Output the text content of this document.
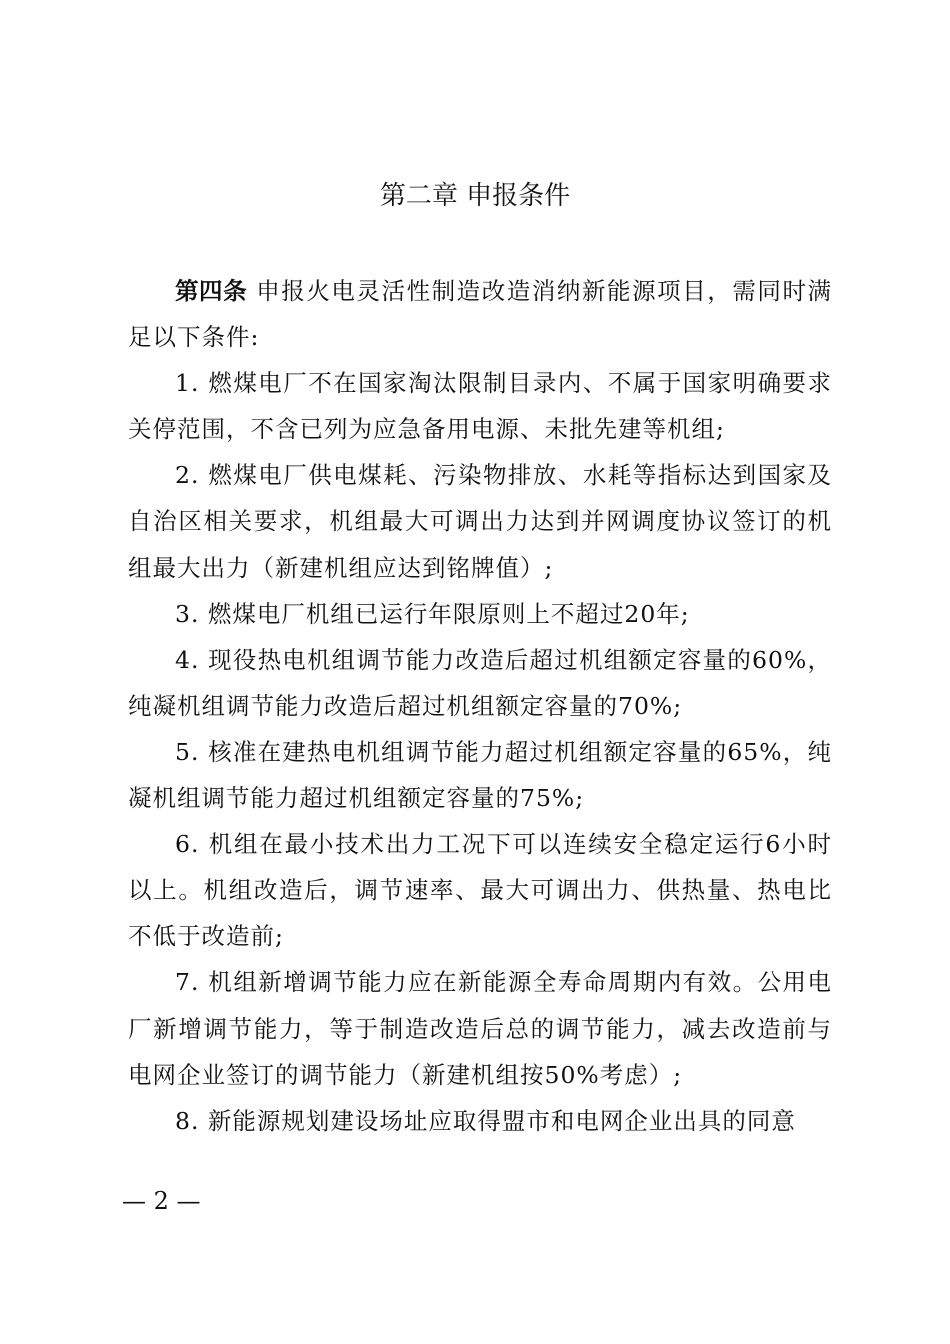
第二章 申报条件

第四条 申报火电灵活性制造改造消纳新能源项目，需同时满足以下条件:

1. 燃煤电厂不在国家淘汰限制目录内、不属于国家明确要求关停范围，不含已列为应急备用电源、未批先建等机组;

2. 燃煤电厂供电煤耗、污染物排放、水耗等指标达到国家及自治区相关要求，机组最大可调出力达到并网调度协议签订的机组最大出力（新建机组应达到铭牌值）;

3. 燃煤电厂机组已运行年限原则上不超过20年;

4. 现役热电机组调节能力改造后超过机组额定容量的60%，纯凝机组调节能力改造后超过机组额定容量的70%;

5. 核准在建热电机组调节能力超过机组额定容量的65%，纯凝机组调节能力超过机组额定容量的75%;

6. 机组在最小技术出力工况下可以连续安全稳定运行6小时以上。机组改造后，调节速率、最大可调出力、供热量、热电比不低于改造前;

7. 机组新增调节能力应在新能源全寿命周期内有效。公用电厂新增调节能力，等于制造改造后总的调节能力，减去改造前与电网企业签订的调节能力（新建机组按50%考虑）;

8. 新能源规划建设场址应取得盟市和电网企业出具的同意

— 2 —
